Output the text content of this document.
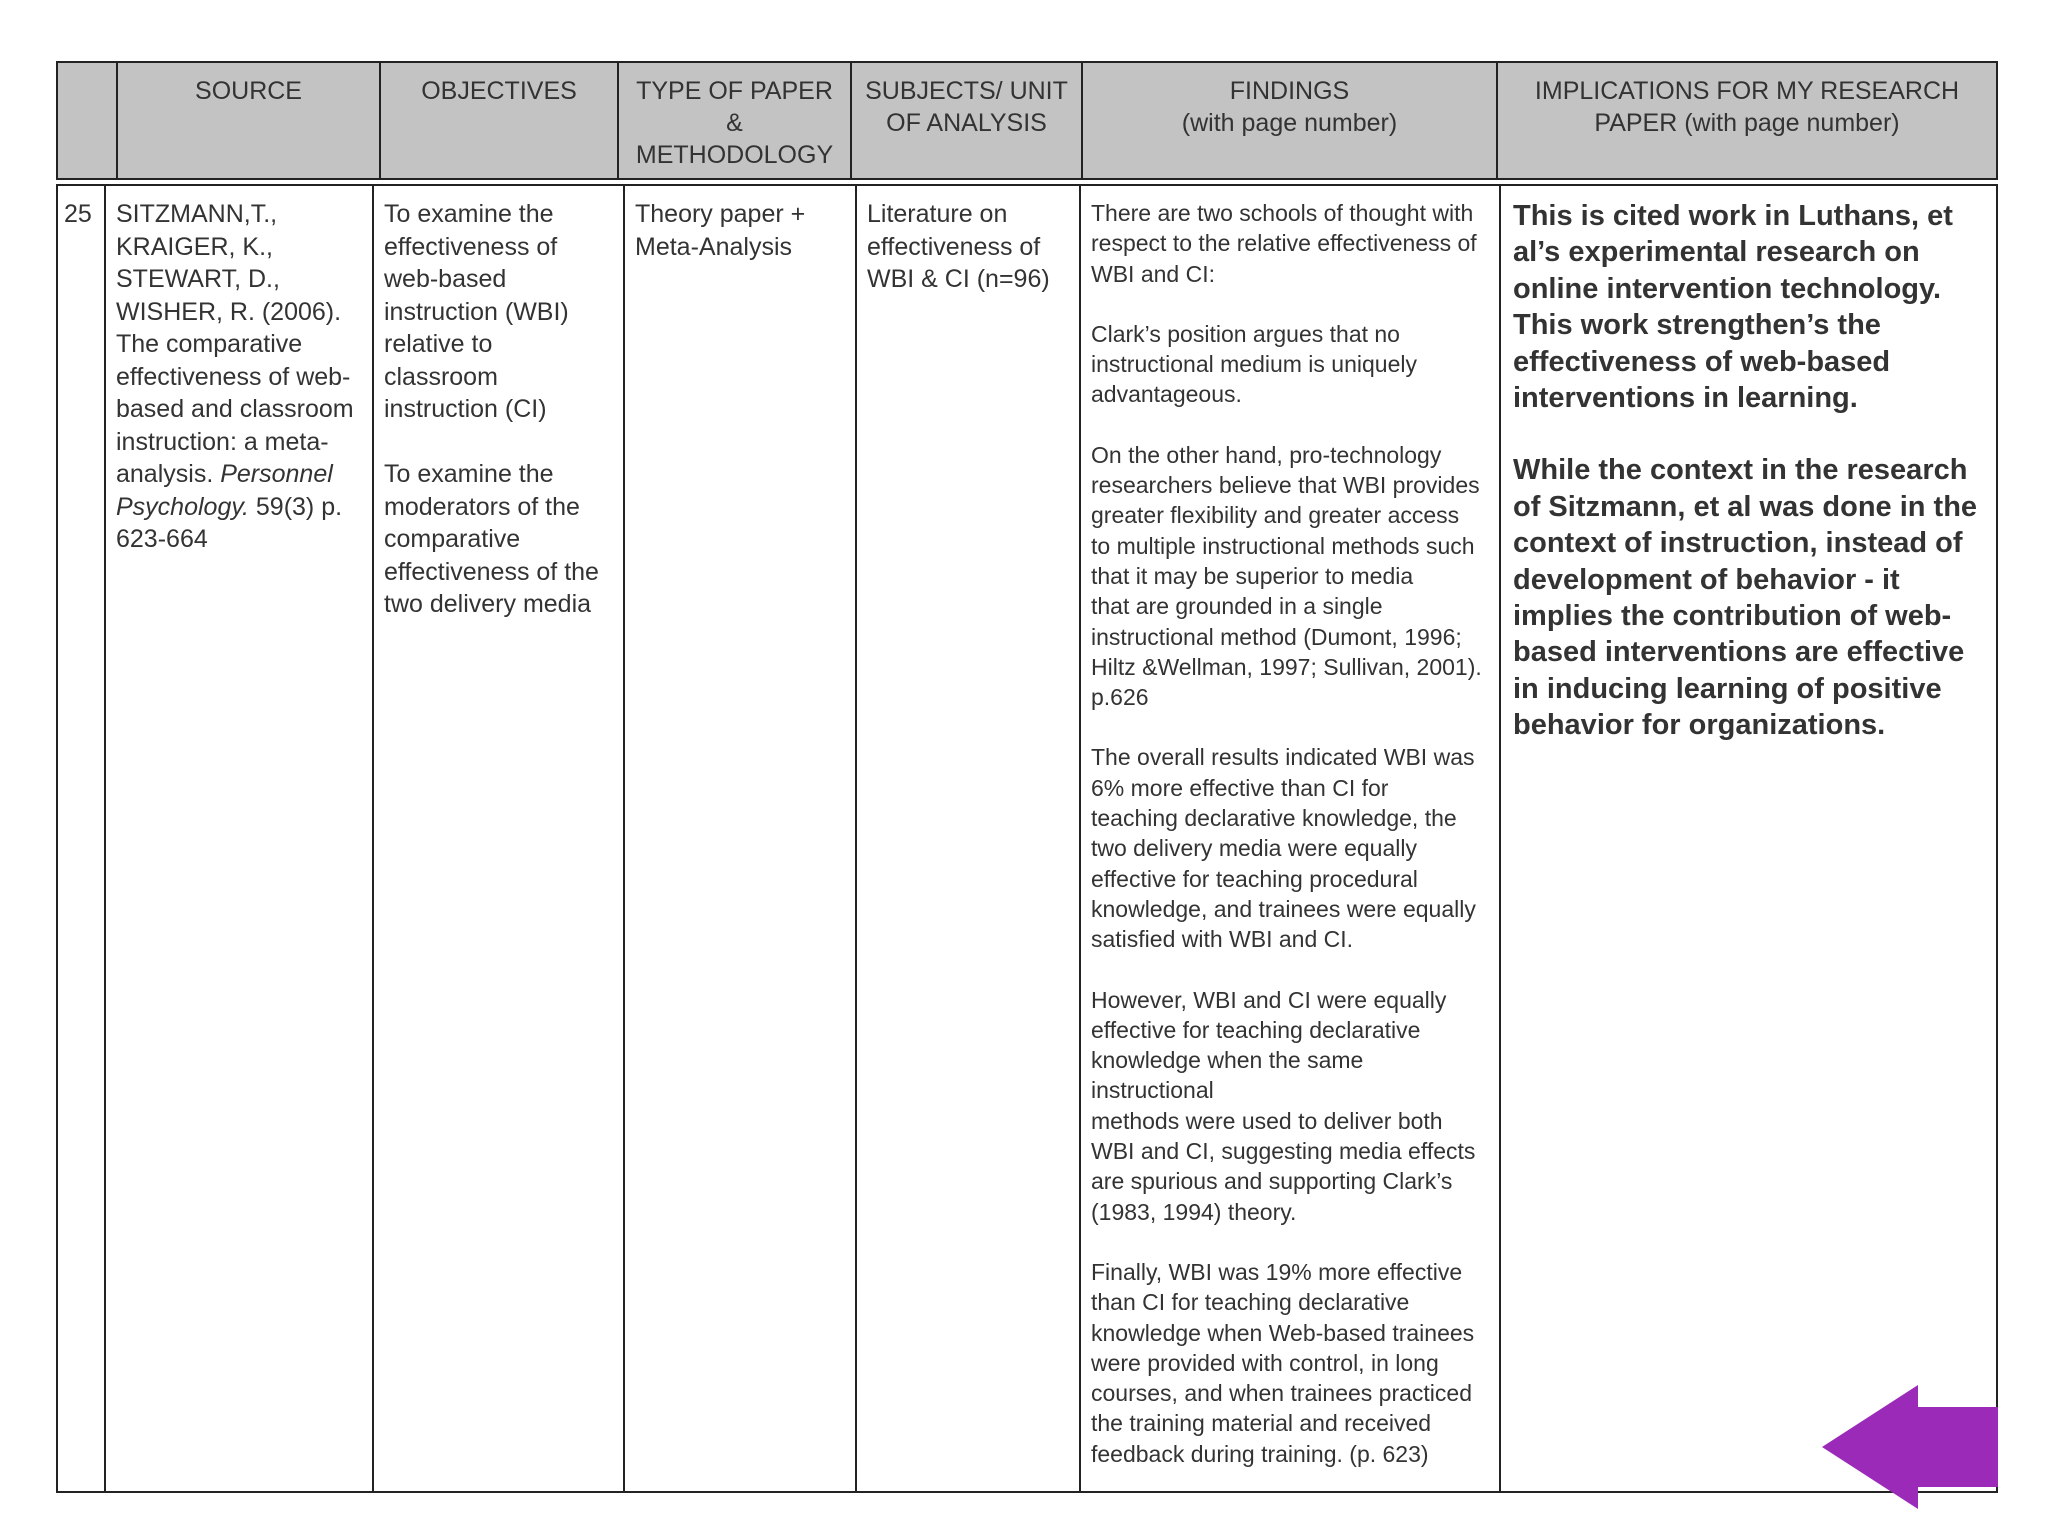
SOURCE	OBJECTIVES	TYPE OF PAPER
&
METHODOLOGY
SUBJECTS/ UNIT
OF ANALYSIS
FINDINGS
(with page number)
IMPLICATIONS FOR MY RESEARCH
PAPER (with page number)
25 SITZMANN,T.,
KRAIGER, K.,
STEWART, D.,
WISHER, R. (2006).
The comparative
effectiveness of web-
based and classroom
instruction: a meta-
analysis. Personnel
Psychology. 59(3) p.
623-664
To examine the
effectiveness of
web-based
instruction (WBI)
relative to
classroom
instruction (CI)

To examine the
moderators of the
comparative
effectiveness of the
two delivery media
Theory paper +
Meta-Analysis
Literature on
effectiveness of
WBI & CI (n=96)

There are two schools of thought with
respect to the relative effectiveness of
WBI and CI:

Clark’s position argues that no
instructional medium is uniquely
advantageous.

On the other hand, pro-technology
researchers believe that WBI provides
greater flexibility and greater access
to multiple instructional methods such
that it may be superior to media
that are grounded in a single
instructional method (Dumont, 1996;
Hiltz &Wellman, 1997; Sullivan, 2001).
p.626

The overall results indicated WBI was
6% more effective than CI for
teaching declarative knowledge, the
two delivery media were equally
effective for teaching procedural
knowledge, and trainees were equally
satisfied with WBI and CI.

However, WBI and CI were equally
effective for teaching declarative
knowledge when the same
instructional
methods were used to deliver both
WBI and CI, suggesting media effects
are spurious and supporting Clark’s
(1983, 1994) theory.

Finally, WBI was 19% more effective
than CI for teaching declarative
knowledge when Web-based trainees
were provided with control, in long
courses, and when trainees practiced
the training material and received
feedback during training. (p. 623)

This is cited work in Luthans, et al’s experimental research on online intervention technology. This work strengthen’s the effectiveness of web-based interventions in learning.

While the context in the research of Sitzmann, et al was done in the context of instruction, instead of development of behavior - it implies the contribution of web-based interventions are effective in inducing learning of positive behavior for organizations.
